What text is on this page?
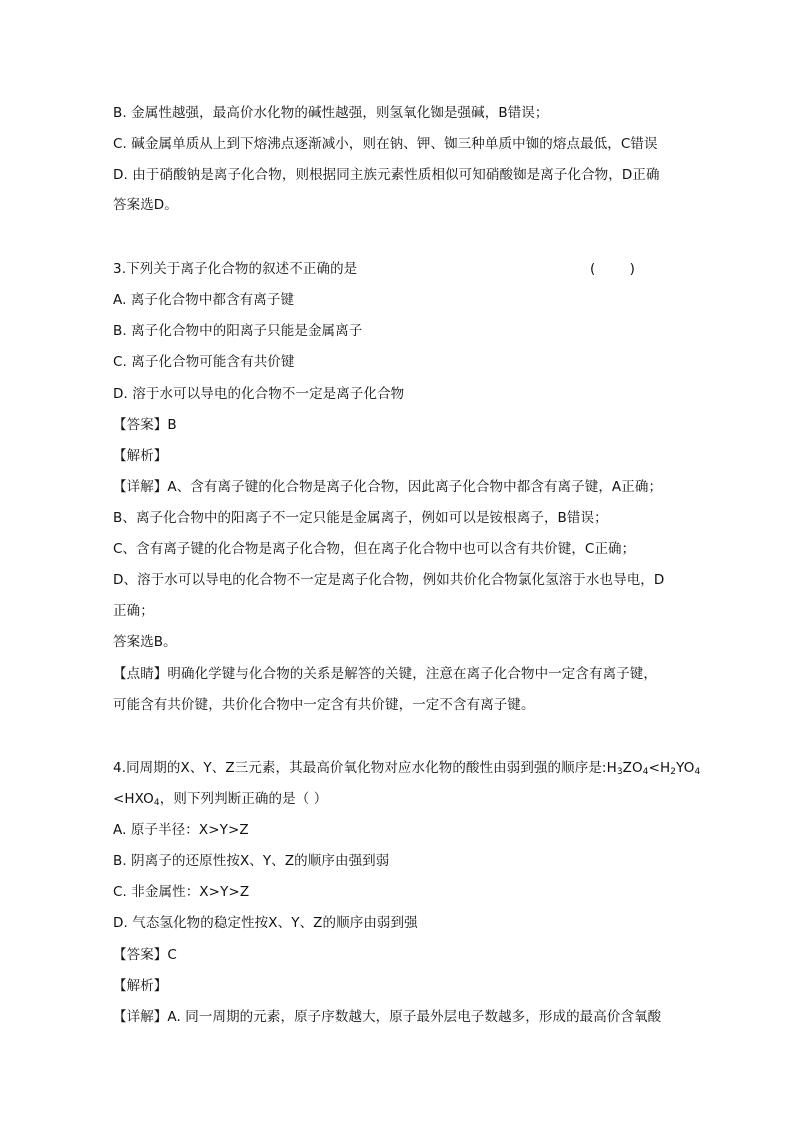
B. 金属性越强，最高价水化物的碱性越强，则氢氧化铷是强碱，B错误；
C. 碱金属单质从上到下熔沸点逐渐减小，则在钠、钾、铷三种单质中铷的熔点最低，C错误
D. 由于硝酸钠是离子化合物，则根据同主族元素性质相似可知硝酸铷是离子化合物，D正确
答案选D。
3.下列关于离子化合物的叙述不正确的是	(        )
A. 离子化合物中都含有离子键
B. 离子化合物中的阳离子只能是金属离子
C. 离子化合物可能含有共价键
D. 溶于水可以导电的化合物不一定是离子化合物
【答案】B
【解析】
【详解】A、含有离子键的化合物是离子化合物，因此离子化合物中都含有离子键，A正确；
B、离子化合物中的阳离子不一定只能是金属离子，例如可以是铵根离子，B错误；
C、含有离子键的化合物是离子化合物，但在离子化合物中也可以含有共价键，C正确；
D、溶于水可以导电的化合物不一定是离子化合物，例如共价化合物氯化氢溶于水也导电，D
正确；
答案选B。
【点睛】明确化学键与化合物的关系是解答的关键，注意在离子化合物中一定含有离子键，
可能含有共价键，共价化合物中一定含有共价键，一定不含有离子键。
4.同周期的X、Y、Z三元素，其最高价氧化物对应水化物的酸性由弱到强的顺序是$:H_3ZO_4<H_2YO_4$
$<HXO_4$，则下列判断正确的是（ ）
A. 原子半径：X>Y>Z
B. 阴离子的还原性按X、Y、Z的顺序由强到弱
C. 非金属性：X>Y>Z
D. 气态氢化物的稳定性按X、Y、Z的顺序由弱到强
【答案】C
【解析】
【详解】A. 同一周期的元素，原子序数越大，原子最外层电子数越多，形成的最高价含氧酸
